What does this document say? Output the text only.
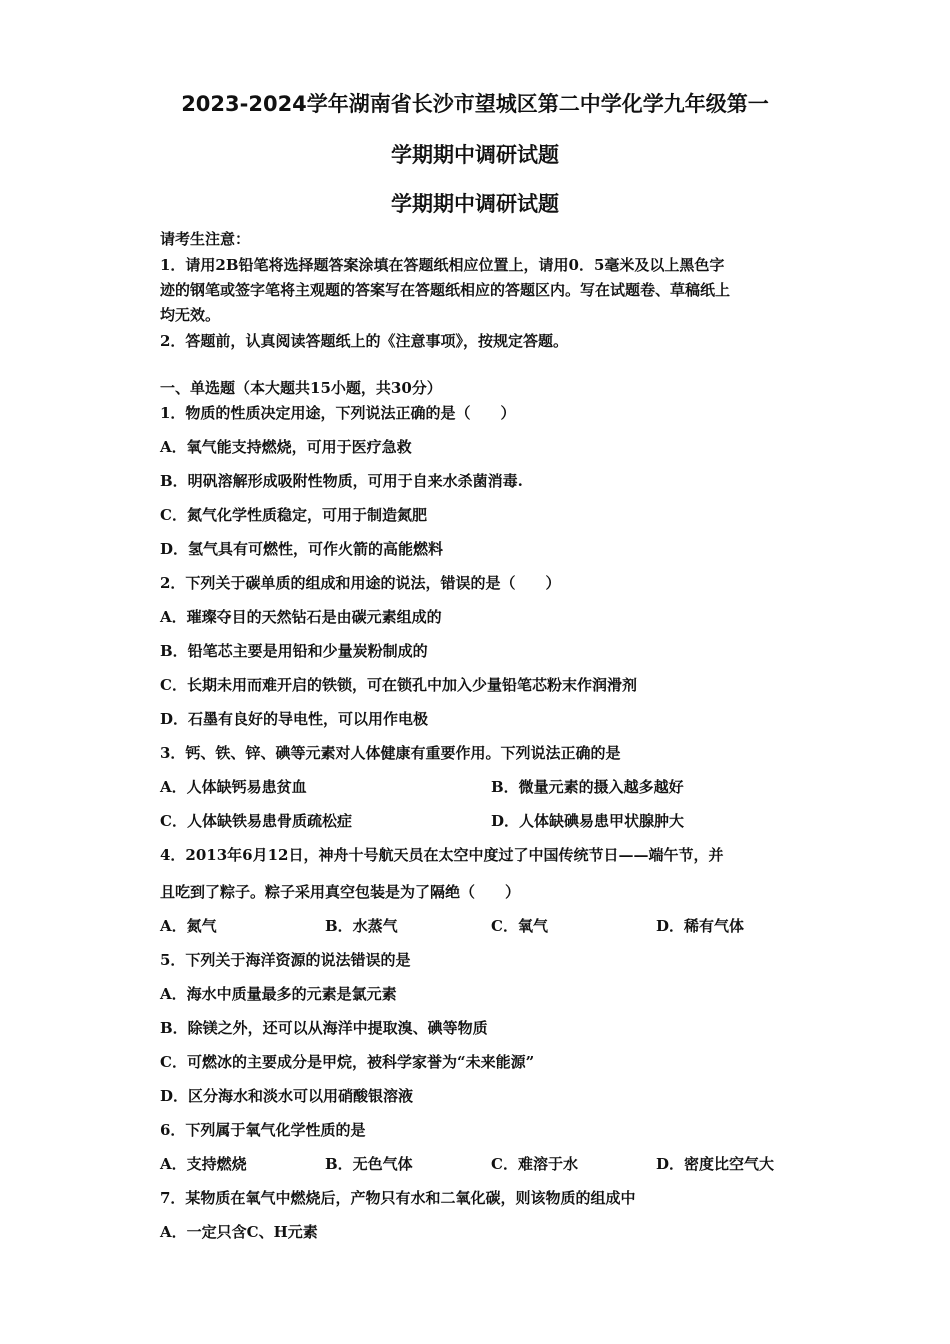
2023-2024学年湖南省长沙市望城区第二中学化学九年级第一
学期期中调研试题
学期期中调研试题
请考生注意：
1．请用2B铅笔将选择题答案涂填在答题纸相应位置上，请用0．5毫米及以上黑色字
迹的钢笔或签字笔将主观题的答案写在答题纸相应的答题区内。写在试题卷、草稿纸上
均无效。
2．答题前，认真阅读答题纸上的《注意事项》，按规定答题。
一、单选题（本大题共15小题，共30分）
1．物质的性质决定用途，下列说法正确的是（　　）
A．氧气能支持燃烧，可用于医疗急救
B．明矾溶解形成吸附性物质，可用于自来水杀菌消毒.
C．氮气化学性质稳定，可用于制造氮肥
D．氢气具有可燃性，可作火箭的高能燃料
2．下列关于碳单质的组成和用途的说法，错误的是（　　）
A．璀璨夺目的天然钻石是由碳元素组成的
B．铅笔芯主要是用铅和少量炭粉制成的
C．长期未用而难开启的铁锁，可在锁孔中加入少量铅笔芯粉末作润滑剂
D．石墨有良好的导电性，可以用作电极
3．钙、铁、锌、碘等元素对人体健康有重要作用。下列说法正确的是
A．人体缺钙易患贫血	B．微量元素的摄入越多越好
C．人体缺铁易患骨质疏松症	D．人体缺碘易患甲状腺肿大
4．2013年6月12日，神舟十号航天员在太空中度过了中国传统节日——端午节，并
且吃到了粽子。粽子采用真空包装是为了隔绝（　　）
A．氮气	B．水蒸气	C．氧气	D．稀有气体
5．下列关于海洋资源的说法错误的是
A．海水中质量最多的元素是氯元素
B．除镁之外，还可以从海洋中提取溴、碘等物质
C．可燃冰的主要成分是甲烷，被科学家誉为“未来能源”
D．区分海水和淡水可以用硝酸银溶液
6．下列属于氧气化学性质的是
A．支持燃烧	B．无色气体	C．难溶于水	D．密度比空气大
7．某物质在氧气中燃烧后，产物只有水和二氧化碳，则该物质的组成中
A．一定只含C、H元素
